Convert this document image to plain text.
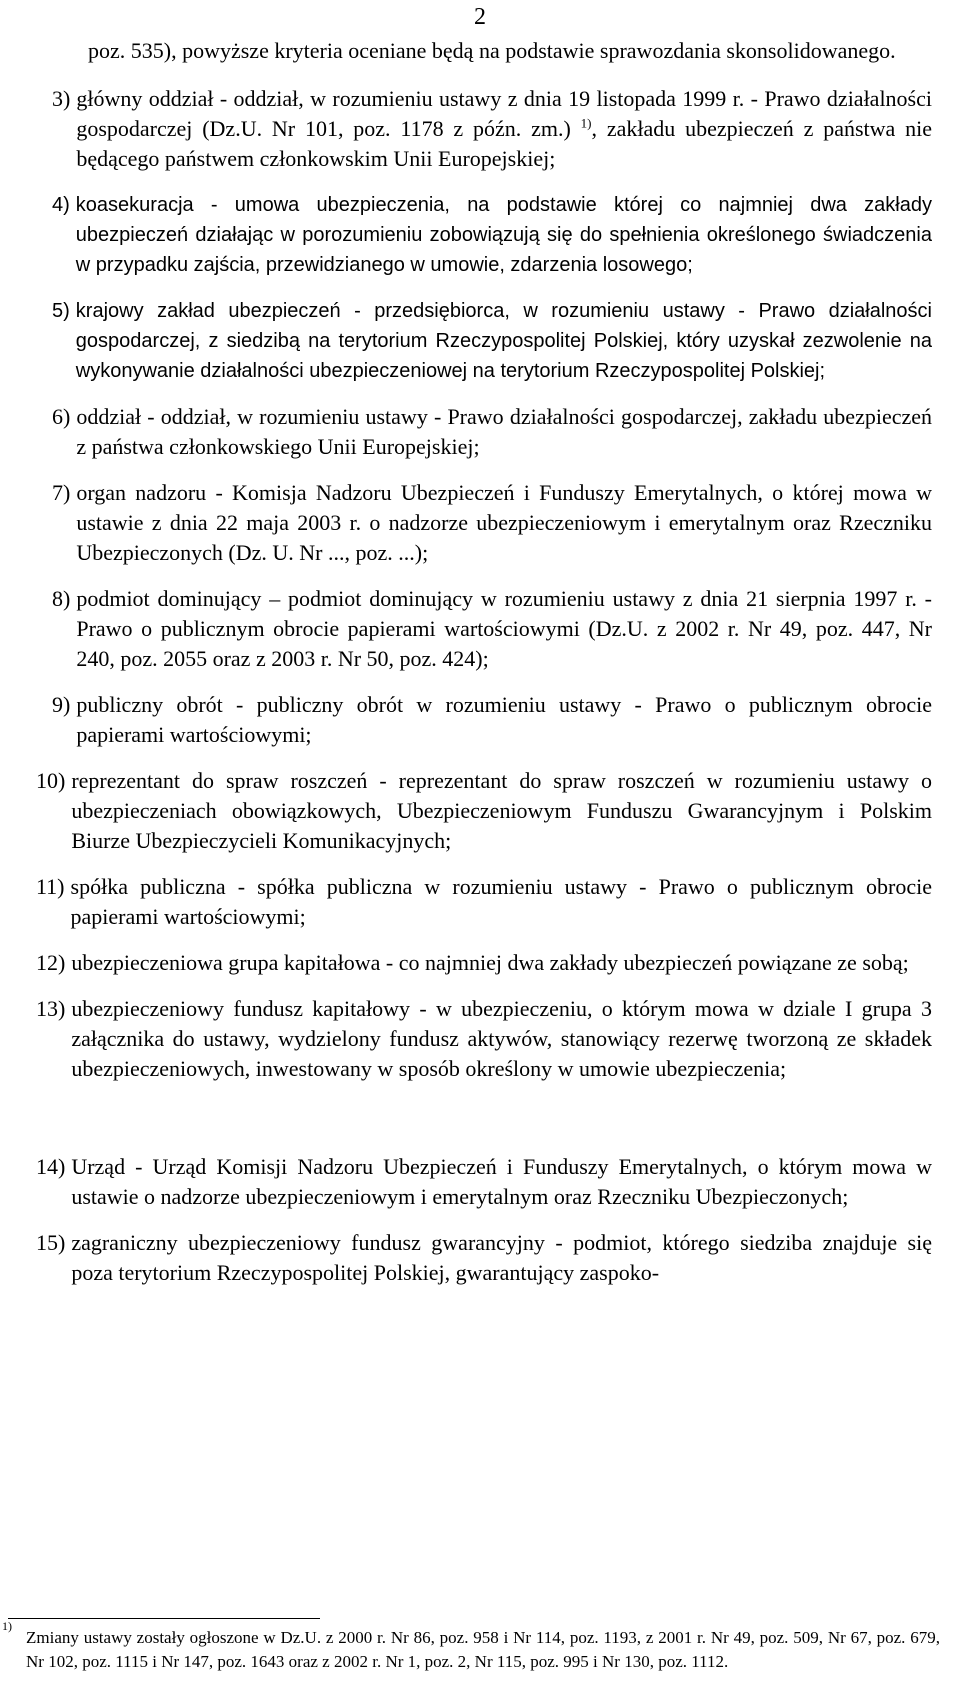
2
poz. 535), powyższe kryteria oceniane będą na podstawie sprawozdania skonsolidowanego.
3) główny oddział - oddział, w rozumieniu ustawy z dnia 19 listopada 1999 r. - Prawo działalności gospodarczej (Dz.U. Nr 101, poz. 1178 z późn. zm.) $^{1)}$, zakładu ubezpieczeń z państwa nie będącego państwem członkowskim Unii Europejskiej;
4) koasekuracja - umowa ubezpieczenia, na podstawie której co najmniej dwa zakłady ubezpieczeń działając w porozumieniu zobowiązują się do spełnienia określonego świadczenia w przypadku zajścia, przewidzianego w umowie, zdarzenia losowego;
5) krajowy zakład ubezpieczeń - przedsiębiorca, w rozumieniu ustawy - Prawo działalności gospodarczej, z siedzibą na terytorium Rzeczypospolitej Polskiej, który uzyskał zezwolenie na wykonywanie działalności ubezpieczeniowej na terytorium Rzeczypospolitej Polskiej;
6) oddział - oddział, w rozumieniu ustawy - Prawo działalności gospodarczej, zakładu ubezpieczeń z państwa członkowskiego Unii Europejskiej;
7) organ nadzoru - Komisja Nadzoru Ubezpieczeń i Funduszy Emerytalnych, o której mowa w ustawie z dnia 22 maja 2003 r. o nadzorze ubezpieczeniowym i emerytalnym oraz Rzeczniku Ubezpieczonych (Dz. U. Nr ..., poz. ...);
8) podmiot dominujący – podmiot dominujący w rozumieniu ustawy z dnia 21 sierpnia 1997 r. - Prawo o publicznym obrocie papierami wartościowymi (Dz.U. z 2002 r. Nr 49, poz. 447, Nr 240, poz. 2055 oraz z 2003 r. Nr 50, poz. 424);
9) publiczny obrót - publiczny obrót w rozumieniu ustawy - Prawo o publicznym obrocie papierami wartościowymi;
10) reprezentant do spraw roszczeń - reprezentant do spraw roszczeń w rozumieniu ustawy o ubezpieczeniach obowiązkowych, Ubezpieczeniowym Funduszu Gwarancyjnym i Polskim Biurze Ubezpieczycieli Komunikacyjnych;
11) spółka publiczna - spółka publiczna w rozumieniu ustawy - Prawo o publicznym obrocie papierami wartościowymi;
12) ubezpieczeniowa grupa kapitałowa - co najmniej dwa zakłady ubezpieczeń powiązane ze sobą;
13) ubezpieczeniowy fundusz kapitałowy - w ubezpieczeniu, o którym mowa w dziale I grupa 3 załącznika do ustawy, wydzielony fundusz aktywów, stanowiący rezerwę tworzoną ze składek ubezpieczeniowych, inwestowany w sposób określony w umowie ubezpieczenia;
14) Urząd - Urząd Komisji Nadzoru Ubezpieczeń i Funduszy Emerytalnych, o którym mowa w ustawie o nadzorze ubezpieczeniowym i emerytalnym oraz Rzeczniku Ubezpieczonych;
15) zagraniczny ubezpieczeniowy fundusz gwarancyjny - podmiot, którego siedziba znajduje się poza terytorium Rzeczypospolitej Polskiej, gwarantujący zaspoko-
1)
Zmiany ustawy zostały ogłoszone w Dz.U. z 2000 r. Nr 86, poz. 958 i Nr 114, poz. 1193, z 2001 r. Nr 49, poz. 509, Nr 67, poz. 679, Nr 102, poz. 1115 i Nr 147, poz. 1643 oraz z 2002 r. Nr 1, poz. 2, Nr 115, poz. 995 i Nr 130, poz. 1112.
